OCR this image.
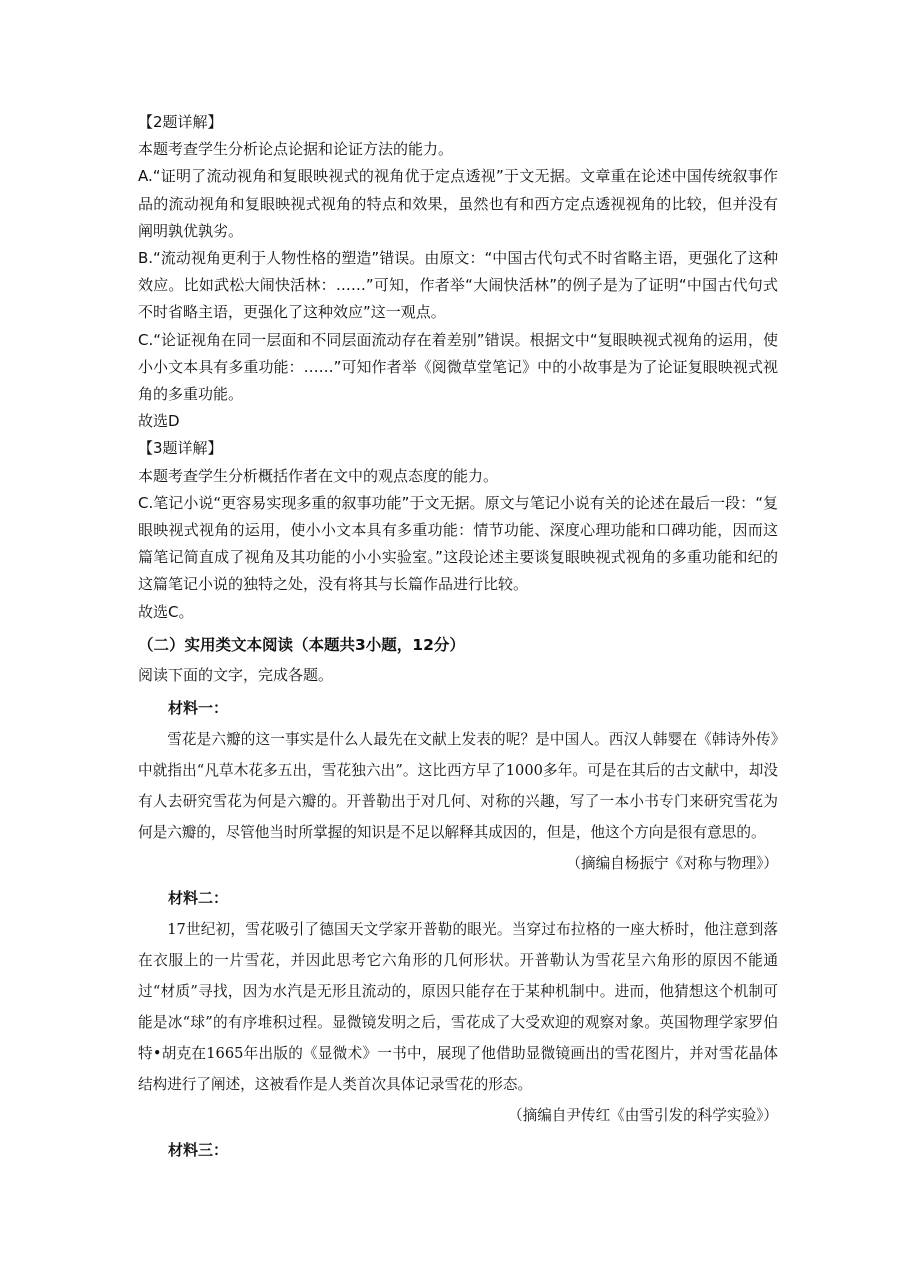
【2题详解】

本题考查学生分析论点论据和论证方法的能力。

A.“证明了流动视角和复眼映视式的视角优于定点透视”于文无据。文章重在论述中国传统叙事作品的流动视角和复眼映视式视角的特点和效果，虽然也有和西方定点透视视角的比较，但并没有阐明孰优孰劣。

B.“流动视角更利于人物性格的塑造”错误。由原文：“中国古代句式不时省略主语，更强化了这种效应。比如武松大闹快活林：……”可知，作者举“大闹快活林”的例子是为了证明“中国古代句式不时省略主语，更强化了这种效应”这一观点。

C.“论证视角在同一层面和不同层面流动存在着差别”错误。根据文中“复眼映视式视角的运用，使小小文本具有多重功能：……”可知作者举《阅微草堂笔记》中的小故事是为了论证复眼映视式视角的多重功能。

故选D

【3题详解】

本题考查学生分析概括作者在文中的观点态度的能力。

C.笔记小说“更容易实现多重的叙事功能”于文无据。原文与笔记小说有关的论述在最后一段：“复眼映视式视角的运用，使小小文本具有多重功能：情节功能、深度心理功能和口碑功能，因而这篇笔记简直成了视角及其功能的小小实验室。”这段论述主要谈复眼映视式视角的多重功能和纪的这篇笔记小说的独特之处，没有将其与长篇作品进行比较。

故选C。

（二）实用类文本阅读（本题共3小题，12分）

阅读下面的文字，完成各题。

材料一：

雪花是六瓣的这一事实是什么人最先在文献上发表的呢？是中国人。西汉人韩婴在《韩诗外传》中就指出“凡草木花多五出，雪花独六出”。这比西方早了1000多年。可是在其后的古文献中，却没有人去研究雪花为何是六瓣的。开普勒出于对几何、对称的兴趣，写了一本小书专门来研究雪花为何是六瓣的，尽管他当时所掌握的知识是不足以解释其成因的，但是，他这个方向是很有意思的。

（摘编自杨振宁《对称与物理》）

材料二：

17世纪初，雪花吸引了德国天文学家开普勒的眼光。当穿过布拉格的一座大桥时，他注意到落在衣服上的一片雪花，并因此思考它六角形的几何形状。开普勒认为雪花呈六角形的原因不能通过“材质”寻找，因为水汽是无形且流动的，原因只能存在于某种机制中。进而，他猜想这个机制可能是冰“球”的有序堆积过程。显微镜发明之后，雪花成了大受欢迎的观察对象。英国物理学家罗伯特•胡克在1665年出版的《显微术》一书中，展现了他借助显微镜画出的雪花图片，并对雪花晶体结构进行了阐述，这被看作是人类首次具体记录雪花的形态。

（摘编自尹传红《由雪引发的科学实验》）

材料三：
